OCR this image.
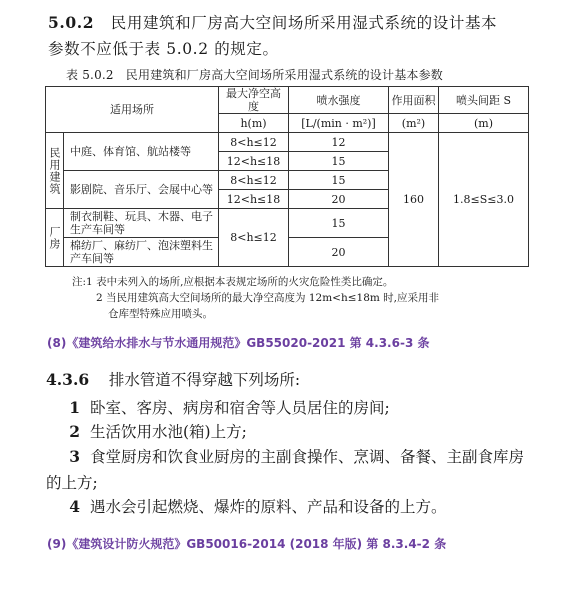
5.0.2 民用建筑和厂房高大空间场所采用湿式系统的设计基本
参数不应低于表 5.0.2 的规定。
表 5.0.2 民用建筑和厂房高大空间场所采用湿式系统的设计基本参数
适用场所		最大净空高度	喷水强度	作用面积	喷头间距 S
		h(m)	[L/(min · m²)]	(m²)	(m)
民用建筑	中庭、体育馆、航站楼等	8<h≤12	12	160	1.8≤S≤3.0
		12<h≤18	15		
	影剧院、音乐厅、会展中心等	8<h≤12	15		
		12<h≤18	20		
厂房	制衣制鞋、玩具、木器、电子生产车间等	8<h≤12	15		
	棉纺厂、麻纺厂、泡沫塑料生产车间等		20		
注:1 表中未列入的场所,应根据本表规定场所的火灾危险性类比确定。
2 当民用建筑高大空间场所的最大净空高度为 12m<h≤18m 时,应采用非
仓库型特殊应用喷头。
(8)《建筑给水排水与节水通用规范》GB55020-2021 第 4.3.6-3 条
4.3.6 排水管道不得穿越下列场所:
1 卧室、客房、病房和宿舍等人员居住的房间;
2 生活饮用水池(箱)上方;
3 食堂厨房和饮食业厨房的主副食操作、烹调、备餐、主副食库房的上方;
4 遇水会引起燃烧、爆炸的原料、产品和设备的上方。
(9)《建筑设计防火规范》GB50016-2014 (2018 年版) 第 8.3.4-2 条
